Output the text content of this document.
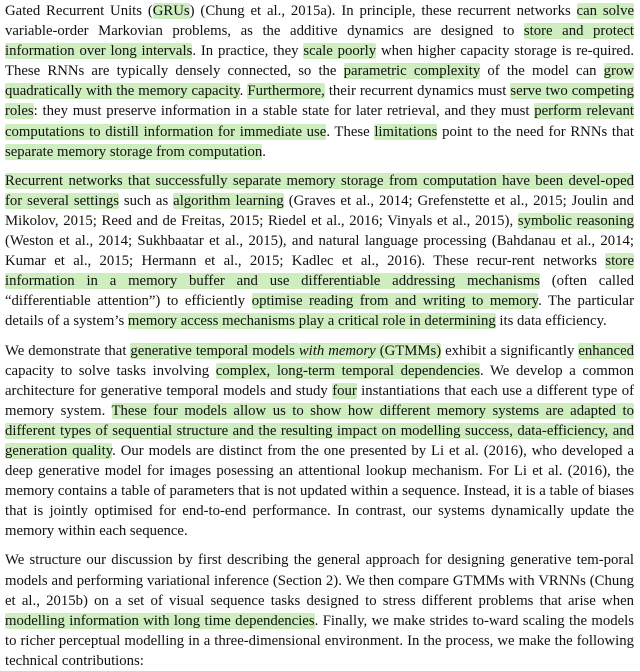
Gated Recurrent Units (GRUs) (Chung et al., 2015a). In principle, these recurrent networks can solve variable-order Markovian problems, as the additive dynamics are designed to store and protect information over long intervals. In practice, they scale poorly when higher capacity storage is re-quired. These RNNs are typically densely connected, so the parametric complexity of the model can grow quadratically with the memory capacity. Furthermore, their recurrent dynamics must serve two competing roles: they must preserve information in a stable state for later retrieval, and they must perform relevant computations to distill information for immediate use. These limitations point to the need for RNNs that separate memory storage from computation.

Recurrent networks that successfully separate memory storage from computation have been devel-oped for several settings such as algorithm learning (Graves et al., 2014; Grefenstette et al., 2015; Joulin and Mikolov, 2015; Reed and de Freitas, 2015; Riedel et al., 2016; Vinyals et al., 2015), symbolic reasoning (Weston et al., 2014; Sukhbaatar et al., 2015), and natural language processing (Bahdanau et al., 2014; Kumar et al., 2015; Hermann et al., 2015; Kadlec et al., 2016). These recur-rent networks store information in a memory buffer and use differentiable addressing mechanisms (often called “differentiable attention”) to efficiently optimise reading from and writing to memory. The particular details of a system’s memory access mechanisms play a critical role in determining its data efficiency.

We demonstrate that generative temporal models with memory (GTMMs) exhibit a significantly enhanced capacity to solve tasks involving complex, long-term temporal dependencies. We develop a common architecture for generative temporal models and study four instantiations that each use a different type of memory system. These four models allow us to show how different memory systems are adapted to different types of sequential structure and the resulting impact on modelling success, data-efficiency, and generation quality. Our models are distinct from the one presented by Li et al. (2016), who developed a deep generative model for images posessing an attentional lookup mechanism. For Li et al. (2016), the memory contains a table of parameters that is not updated within a sequence. Instead, it is a table of biases that is jointly optimised for end-to-end performance. In contrast, our systems dynamically update the memory within each sequence.

We structure our discussion by first describing the general approach for designing generative tem-poral models and performing variational inference (Section 2). We then compare GTMMs with VRNNs (Chung et al., 2015b) on a set of visual sequence tasks designed to stress different problems that arise when modelling information with long time dependencies. Finally, we make strides to-ward scaling the models to richer perceptual modelling in a three-dimensional environment. In the process, we make the following technical contributions:
